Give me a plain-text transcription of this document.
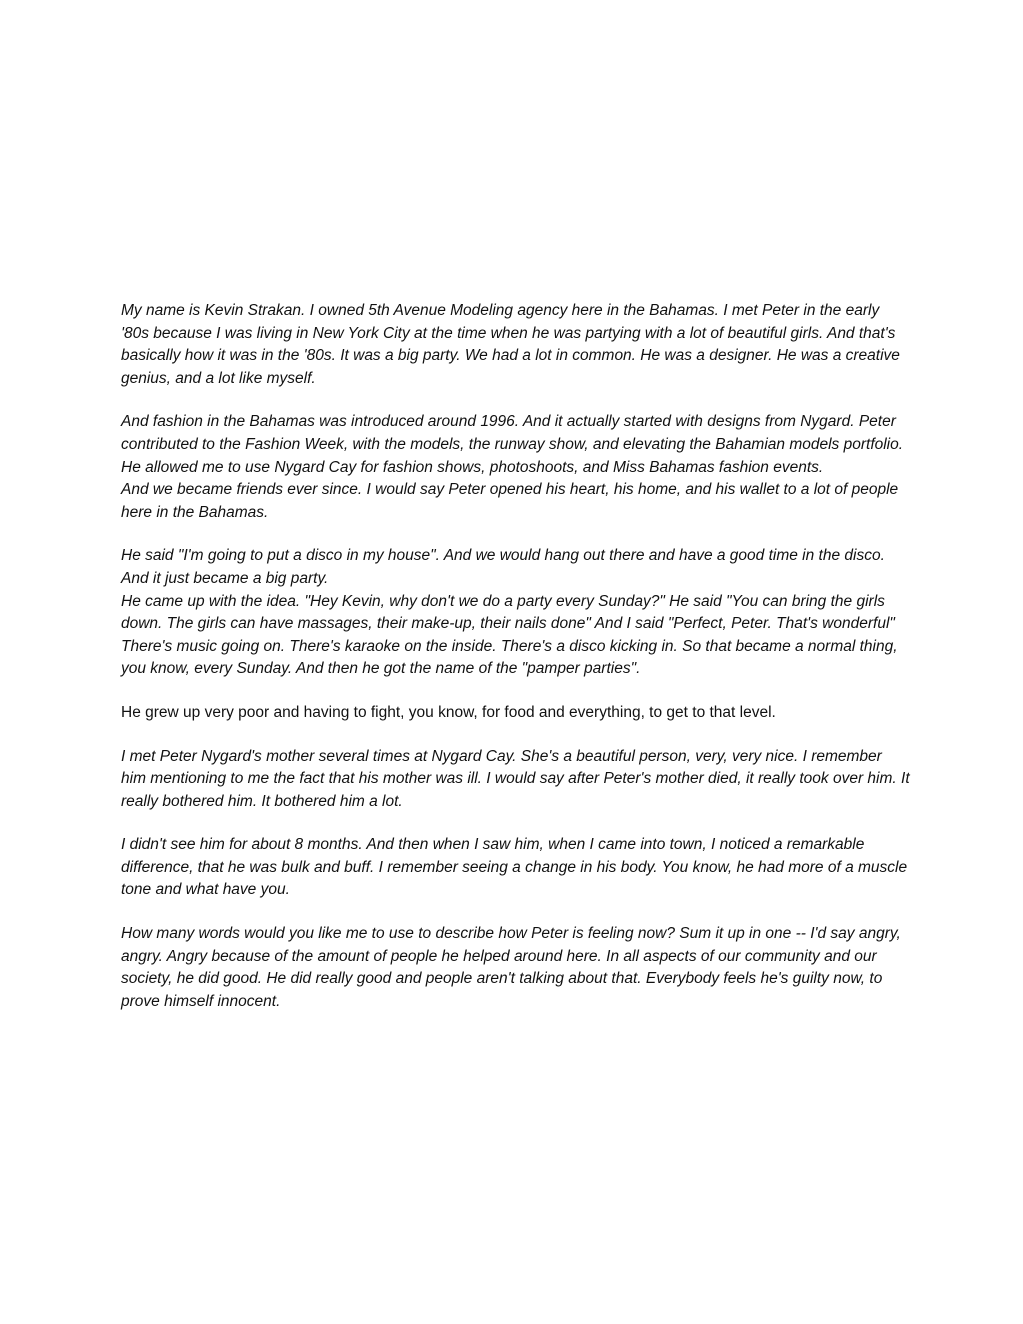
My name is Kevin Strakan. I owned 5th Avenue Modeling agency here in the Bahamas. I met Peter in the early '80s because I was living in New York City at the time when he was partying with a lot of beautiful girls. And that's basically how it was in the '80s. It was a big party. We had a lot in common. He was a designer. He was a creative genius, and a lot like myself.

And fashion in the Bahamas was introduced around 1996. And it actually started with designs from Nygard. Peter contributed to the Fashion Week, with the models, the runway show, and elevating the Bahamian models portfolio. He allowed me to use Nygard Cay for fashion shows, photoshoots, and Miss Bahamas fashion events.

And we became friends ever since. I would say Peter opened his heart, his home, and his wallet to a lot of people here in the Bahamas.

He said "I'm going to put a disco in my house". And we would hang out there and have a good time in the disco. And it just became a big party.

He came up with the idea. "Hey Kevin, why don't we do a party every Sunday?" He said "You can bring the girls down. The girls can have massages, their make-up, their nails done" And I said "Perfect, Peter. That's wonderful" There's music going on. There's karaoke on the inside. There's a disco kicking in. So that became a normal thing, you know, every Sunday. And then he got the name of the "pamper parties".

He grew up very poor and having to fight, you know, for food and everything, to get to that level.

I met Peter Nygard's mother several times at Nygard Cay. She's a beautiful person, very, very nice. I remember him mentioning to me the fact that his mother was ill. I would say after Peter's mother died, it really took over him. It really bothered him. It bothered him a lot.

I didn't see him for about 8 months. And then when I saw him, when I came into town, I noticed a remarkable difference, that he was bulk and buff. I remember seeing a change in his body. You know, he had more of a muscle tone and what have you.

How many words would you like me to use to describe how Peter is feeling now? Sum it up in one -- I'd say angry, angry. Angry because of the amount of people he helped around here. In all aspects of our community and our society, he did good. He did really good and people aren't talking about that. Everybody feels he's guilty now, to prove himself innocent.
